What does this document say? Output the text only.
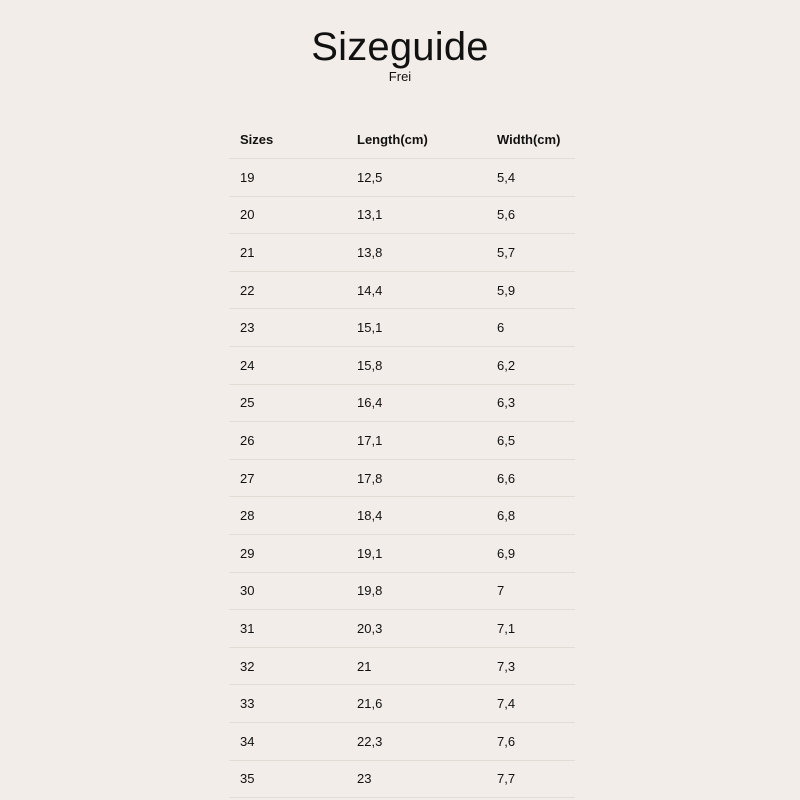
Sizeguide
Frei
Sizes	Length(cm)	Width(cm)
19	12,5	5,4
20	13,1	5,6
21	13,8	5,7
22	14,4	5,9
23	15,1	6
24	15,8	6,2
25	16,4	6,3
26	17,1	6,5
27	17,8	6,6
28	18,4	6,8
29	19,1	6,9
30	19,8	7
31	20,3	7,1
32	21	7,3
33	21,6	7,4
34	22,3	7,6
35	23	7,7
